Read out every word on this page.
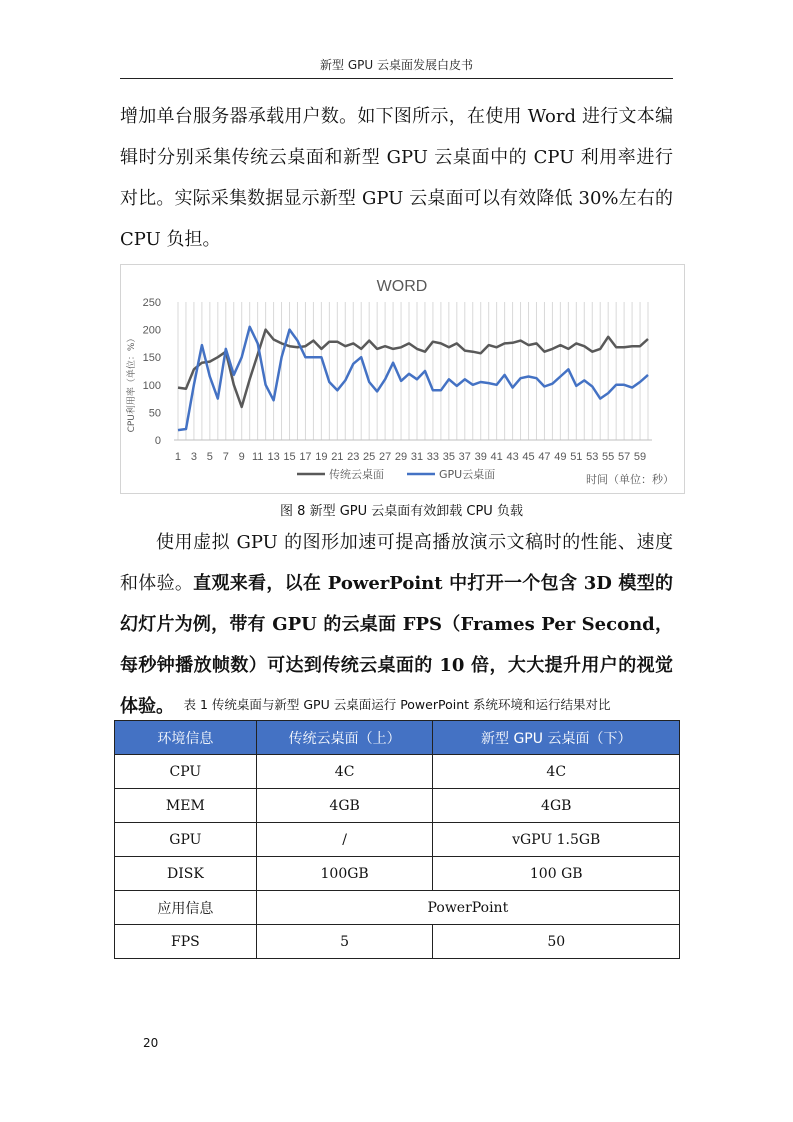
新型 GPU 云桌面发展白皮书

增加单台服务器承载用户数。如下图所示，在使用 Word 进行文本编辑时分别采集传统云桌面和新型 GPU 云桌面中的 CPU 利用率进行对比。实际采集数据显示新型 GPU 云桌面可以有效降低 30%左右的 CPU 负担。

WORD
0
50
100
150
200
250
CPU利用率（单位：%）
1 3 5 7 9 11 13 15 17 19 21 23 25 27 29 31 33 35 37 39 41 43 45 47 49 51 53 55 57 59
传统云桌面	GPU云桌面	时间（单位：秒）
图 8 新型 GPU 云桌面有效卸载 CPU 负载

使用虚拟 GPU 的图形加速可提高播放演示文稿时的性能、速度和体验。直观来看，以在 PowerPoint 中打开一个包含 3D 模型的幻灯片为例，带有 GPU 的云桌面 FPS（Frames Per Second，每秒钟播放帧数）可达到传统云桌面的 10 倍，大大提升用户的视觉体验。 表 1 传统桌面与新型 GPU 云桌面运行 PowerPoint 系统环境和运行结果对比
环境信息	传统云桌面（上）	新型 GPU 云桌面（下）
CPU	4C	4C
MEM	4GB	4GB
GPU	/	vGPU 1.5GB
DISK	100GB	100 GB
应用信息	PowerPoint	
FPS	5	50
20
